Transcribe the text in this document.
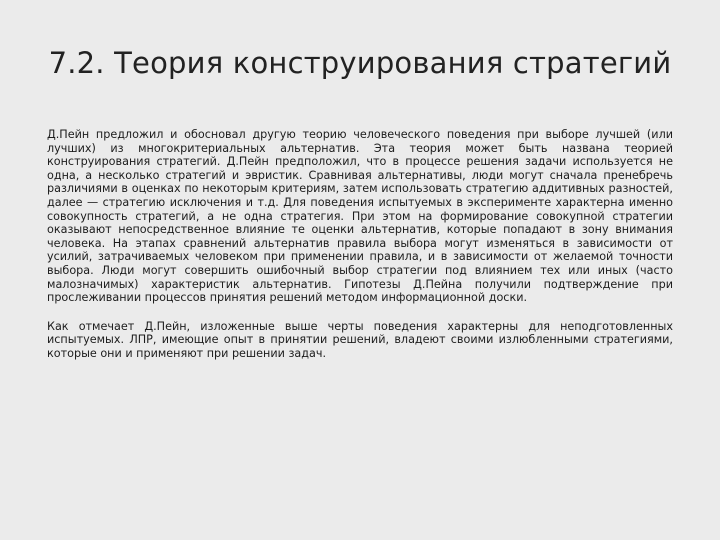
7.2. Теория конструирования стратегий

Д.Пейн предложил и обосновал другую теорию человеческого поведения при выборе лучшей (или лучших) из многокритериальных альтернатив. Эта теория может быть названа теорией конструирования стратегий. Д.Пейн предположил, что в процессе решения задачи используется не одна, а несколько стратегий и эвристик. Сравнивая альтернативы, люди могут сначала пренебречь различиями в оценках по некоторым критериям, затем использовать стратегию аддитивных разностей, далее — стратегию исключения и т.д. Для поведения испытуемых в эксперименте характерна именно совокупность стратегий, а не одна стратегия. При этом на формирование совокупной стратегии оказывают непосредственное влияние те оценки альтернатив, которые попадают в зону внимания человека. На этапах сравнений альтернатив правила выбора могут изменяться в зависимости от усилий, затрачиваемых человеком при применении правила, и в зависимости от желаемой точности выбора. Люди могут совершить ошибочный выбор стратегии под влиянием тех или иных (часто малозначимых) характеристик альтернатив. Гипотезы Д.Пейна получили подтверждение при прослеживании процессов принятия решений методом информационной доски.

Как отмечает Д.Пейн, изложенные выше черты поведения характерны для неподготовленных испытуемых. ЛПР, имеющие опыт в принятии решений, владеют своими излюбленными стратегиями, которые они и применяют при решении задач.
